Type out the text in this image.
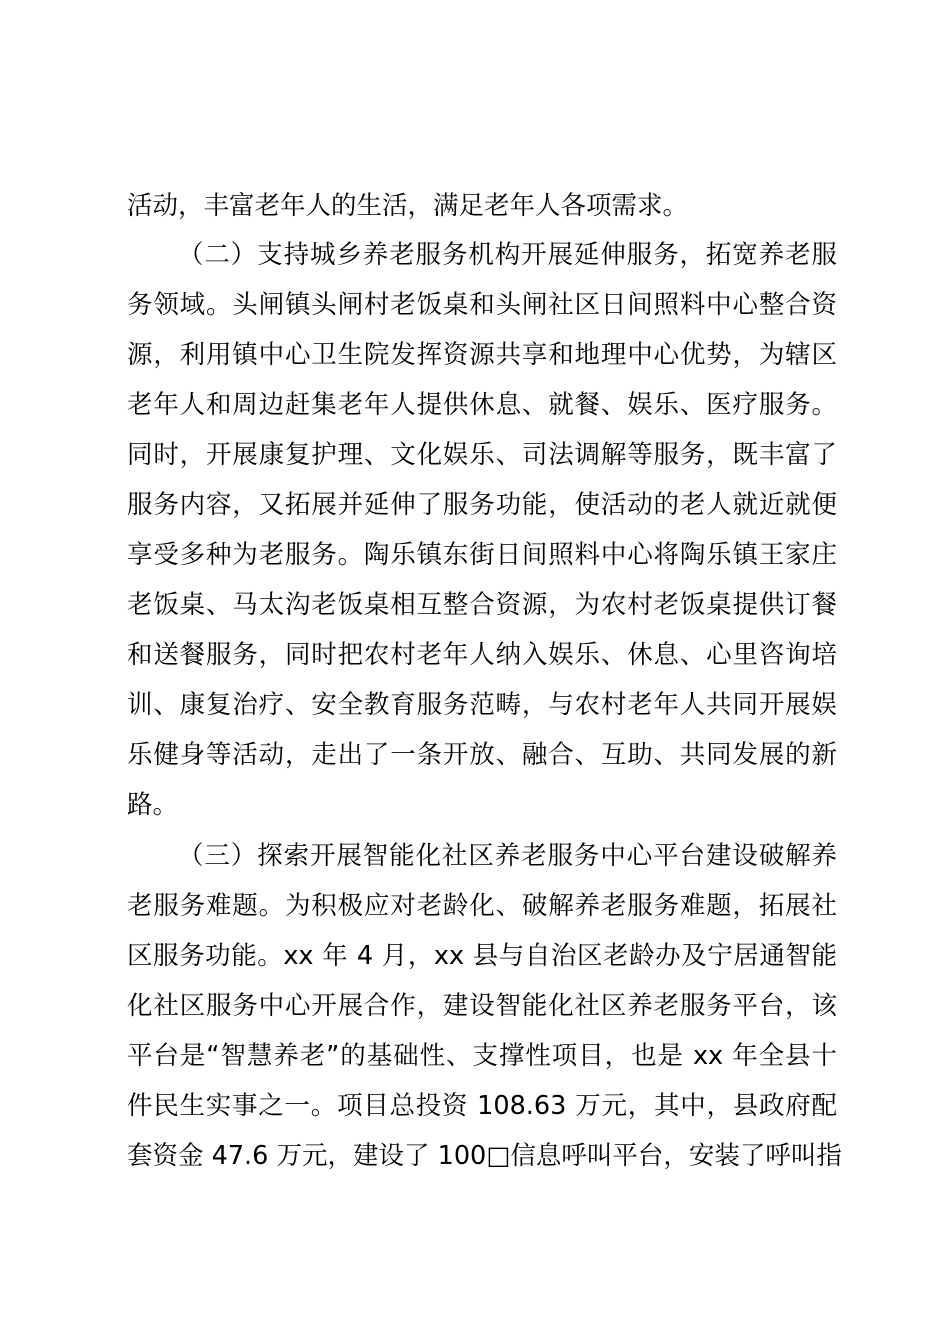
活动，丰富老年人的生活，满足老年人各项需求。
（二）支持城乡养老服务机构开展延伸服务，拓宽养老服
务领域。头闸镇头闸村老饭桌和头闸社区日间照料中心整合资
源，利用镇中心卫生院发挥资源共享和地理中心优势，为辖区
老年人和周边赶集老年人提供休息、就餐、娱乐、医疗服务。
同时，开展康复护理、文化娱乐、司法调解等服务，既丰富了
服务内容，又拓展并延伸了服务功能，使活动的老人就近就便
享受多种为老服务。陶乐镇东街日间照料中心将陶乐镇王家庄
老饭桌、马太沟老饭桌相互整合资源，为农村老饭桌提供订餐
和送餐服务，同时把农村老年人纳入娱乐、休息、心里咨询培
训、康复治疗、安全教育服务范畴，与农村老年人共同开展娱
乐健身等活动，走出了一条开放、融合、互助、共同发展的新
路。
（三）探索开展智能化社区养老服务中心平台建设破解养
老服务难题。为积极应对老龄化、破解养老服务难题，拓展社
区服务功能。xx 年 4 月，xx 县与自治区老龄办及宁居通智能
化社区服务中心开展合作，建设智能化社区养老服务平台，该
平台是“智慧养老”的基础性、支撑性项目，也是 xx 年全县十
件民生实事之一。项目总投资 108.63 万元，其中，县政府配
套资金 47.6 万元，建设了 100□信息呼叫平台，安装了呼叫指
